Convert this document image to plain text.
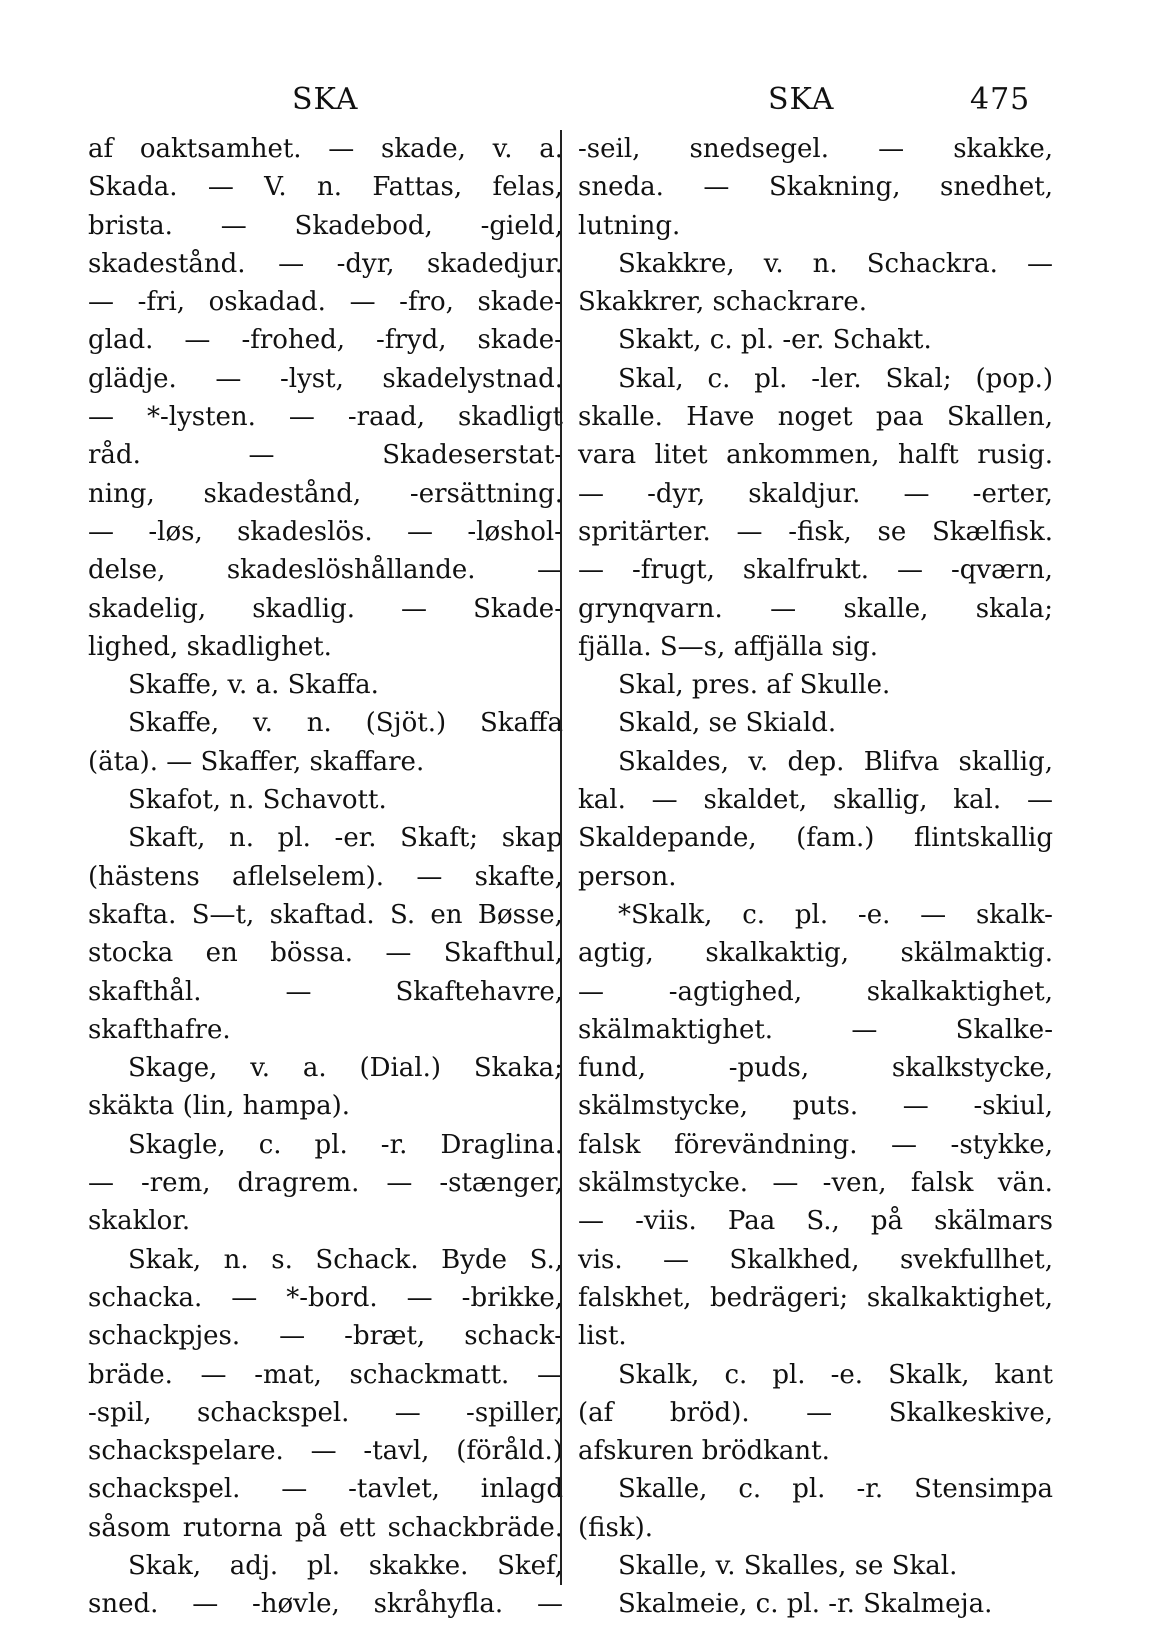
SKA	SKA	475
af oaktsamhet. — skade, v. a.
Skada. — V. n. Fattas, felas,
brista. — Skadebod, -gield,
skadestånd. — -dyr, skadedjur.
— -fri, oskadad. — -fro, skade-
glad. — -frohed, -fryd, skade-
glädje. — -lyst, skadelystnad.
— *-lysten. — -raad, skadligt
råd.	—	Skadeserstat-
ning, skadestånd, -ersättning.
— -løs, skadeslös. — -løshol-
delse, skadeslöshållande. —
skadelig, skadlig. — Skade-
lighed, skadlighet.
Skaffe, v. a. Skaffa.
Skaffe, v. n. (Sjöt.) Skaffa
(äta). — Skaffer, skaffare.
Skafot, n. Schavott.
Skaft, n. pl. -er. Skaft; skap
(hästens aflelselem). — skafte,
skafta. S—t, skaftad. S. en Bøsse,
stocka en bössa. — Skafthul,
skafthål.	—	Skaftehavre,
skafthafre.
Skage, v. a. (Dial.) Skaka;
skäkta (lin, hampa).
Skagle, c. pl. -r. Draglina.
— -rem, dragrem. — -stænger,
skaklor.
Skak, n. s. Schack. Byde S.,
schacka. — *-bord. — -brikke,
schackpjes. — -bræt, schack-
bräde. — -mat, schackmatt. —
-spil, schackspel. — -spiller,
schackspelare. — -tavl, (föråld.)
schackspel. — -tavlet, inlagd
såsom rutorna på ett schackbräde.
Skak, adj. pl. skakke. Skef,
sned. — -høvle, skråhyfla. —
-seil, snedsegel. — skakke,
sneda. — Skakning, snedhet,
lutning.
Skakkre, v. n. Schackra. —
Skakkrer, schackrare.
Skakt, c. pl. -er. Schakt.
Skal, c. pl. -ler. Skal; (pop.)
skalle. Have noget paa Skallen,
vara litet ankommen, halft rusig.
— -dyr, skaldjur. — -erter,
spritärter. — -fisk, se Skælfisk.
— -frugt, skalfrukt. — -qværn,
grynqvarn. — skalle, skala;
fjälla. S—s, affjälla sig.
Skal, pres. af Skulle.
Skald, se Skiald.
Skaldes, v. dep. Blifva skallig,
kal. — skaldet, skallig, kal. —
Skaldepande, (fam.) flintskallig
person.
*Skalk, c. pl. -e. — skalk-
agtig, skalkaktig, skälmaktig.
— -agtighed, skalkaktighet,
skälmaktighet.	—	Skalke-
fund,	-puds,	skalkstycke,
skälmstycke, puts. — -skiul,
falsk förevändning. — -stykke,
skälmstycke. — -ven, falsk vän.
— -viis. Paa S., på skälmars
vis. — Skalkhed, svekfullhet,
falskhet, bedrägeri; skalkaktighet,
list.
Skalk, c. pl. -e. Skalk, kant
(af bröd). — Skalkeskive,
afskuren brödkant.
Skalle, c. pl. -r. Stensimpa
(fisk).
Skalle, v. Skalles, se Skal.
Skalmeie, c. pl. -r. Skalmeja.
